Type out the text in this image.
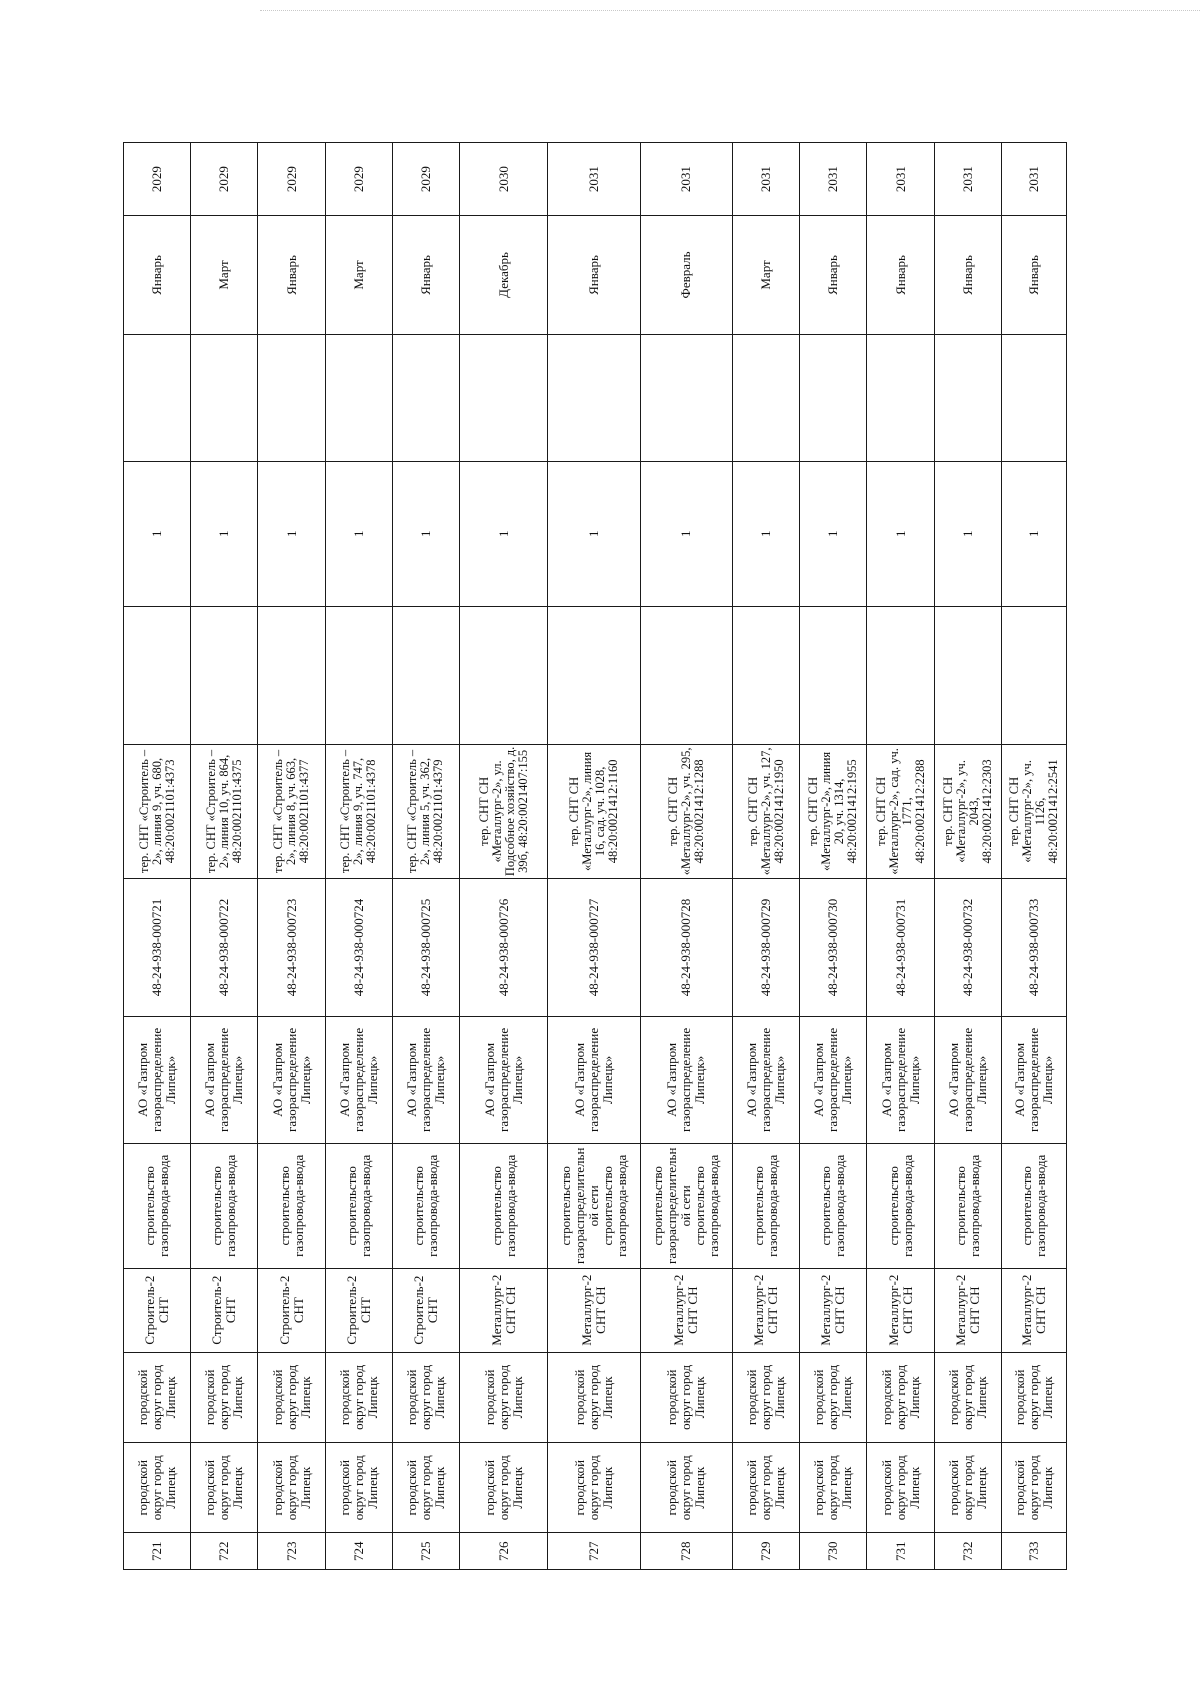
721	городской округ город Липецк	городской округ город Липецк	Строитель-2 СНТ	строительство газопровода-ввода	АО «Газпром газораспределение Липецк»	48-24-938-000721	тер. СНТ «Строитель – 2», линия 9, уч. 680, 48:20:0021101:4373		1		Январь	2029
722	городской округ город Липецк	городской округ город Липецк	Строитель-2 СНТ	строительство газопровода-ввода	АО «Газпром газораспределение Липецк»	48-24-938-000722	тер. СНТ «Строитель – 2», линия 10, уч. 864, 48:20:0021101:4375		1		Март	2029
723	городской округ город Липецк	городской округ город Липецк	Строитель-2 СНТ	строительство газопровода-ввода	АО «Газпром газораспределение Липецк»	48-24-938-000723	тер. СНТ «Строитель – 2», линия 8, уч. 663, 48:20:0021101:4377		1		Январь	2029
724	городской округ город Липецк	городской округ город Липецк	Строитель-2 СНТ	строительство газопровода-ввода	АО «Газпром газораспределение Липецк»	48-24-938-000724	тер. СНТ «Строитель – 2», линия 9, уч. 747, 48:20:0021101:4378		1		Март	2029
725	городской округ город Липецк	городской округ город Липецк	Строитель-2 СНТ	строительство газопровода-ввода	АО «Газпром газораспределение Липецк»	48-24-938-000725	тер. СНТ «Строитель – 2», линия 5, уч. 362, 48:20:0021101:4379		1		Январь	2029
726	городской округ город Липецк	городской округ город Липецк	Металлург-2 СНТ СН	строительство газопровода-ввода	АО «Газпром газораспределение Липецк»	48-24-938-000726	тер. СНТ СН «Металлург-2», ул. Подсобное хозяйство, д. 39б, 48:20:0021407:155		1		Декабрь	2030
727	городской округ город Липецк	городской округ город Липецк	Металлург-2 СНТ СН	строительство газораспределительной сети строительство газопровода-ввода	АО «Газпром газораспределение Липецк»	48-24-938-000727	тер. СНТ СН «Металлург-2», линия 16, сад. уч. 1028, 48:20:0021412:1160		1		Январь	2031
728	городской округ город Липецк	городской округ город Липецк	Металлург-2 СНТ СН	строительство газораспределительной сети строительство газопровода-ввода	АО «Газпром газораспределение Липецк»	48-24-938-000728	тер. СНТ СН «Металлург-2», уч. 295, 48:20:0021412:1288		1		Февраль	2031
729	городской округ город Липецк	городской округ город Липецк	Металлург-2 СНТ СН	строительство газопровода-ввода	АО «Газпром газораспределение Липецк»	48-24-938-000729	тер. СНТ СН «Металлург-2», уч. 127, 48:20:0021412:1950		1		Март	2031
730	городской округ город Липецк	городской округ город Липецк	Металлург-2 СНТ СН	строительство газопровода-ввода	АО «Газпром газораспределение Липецк»	48-24-938-000730	тер. СНТ СН «Металлург-2», линия 20, уч. 1314, 48:20:0021412:1955		1		Январь	2031
731	городской округ город Липецк	городской округ город Липецк	Металлург-2 СНТ СН	строительство газопровода-ввода	АО «Газпром газораспределение Липецк»	48-24-938-000731	тер. СНТ СН «Металлург-2», сад. уч. 1771, 48:20:0021412:2288		1		Январь	2031
732	городской округ город Липецк	городской округ город Липецк	Металлург-2 СНТ СН	строительство газопровода-ввода	АО «Газпром газораспределение Липецк»	48-24-938-000732	тер. СНТ СН «Металлург-2», уч. 2043, 48:20:0021412:2303		1		Январь	2031
733	городской округ город Липецк	городской округ город Липецк	Металлург-2 СНТ СН	строительство газопровода-ввода	АО «Газпром газораспределение Липецк»	48-24-938-000733	тер. СНТ СН «Металлург-2», уч. 1126, 48:20:0021412:2541		1		Январь	2031
